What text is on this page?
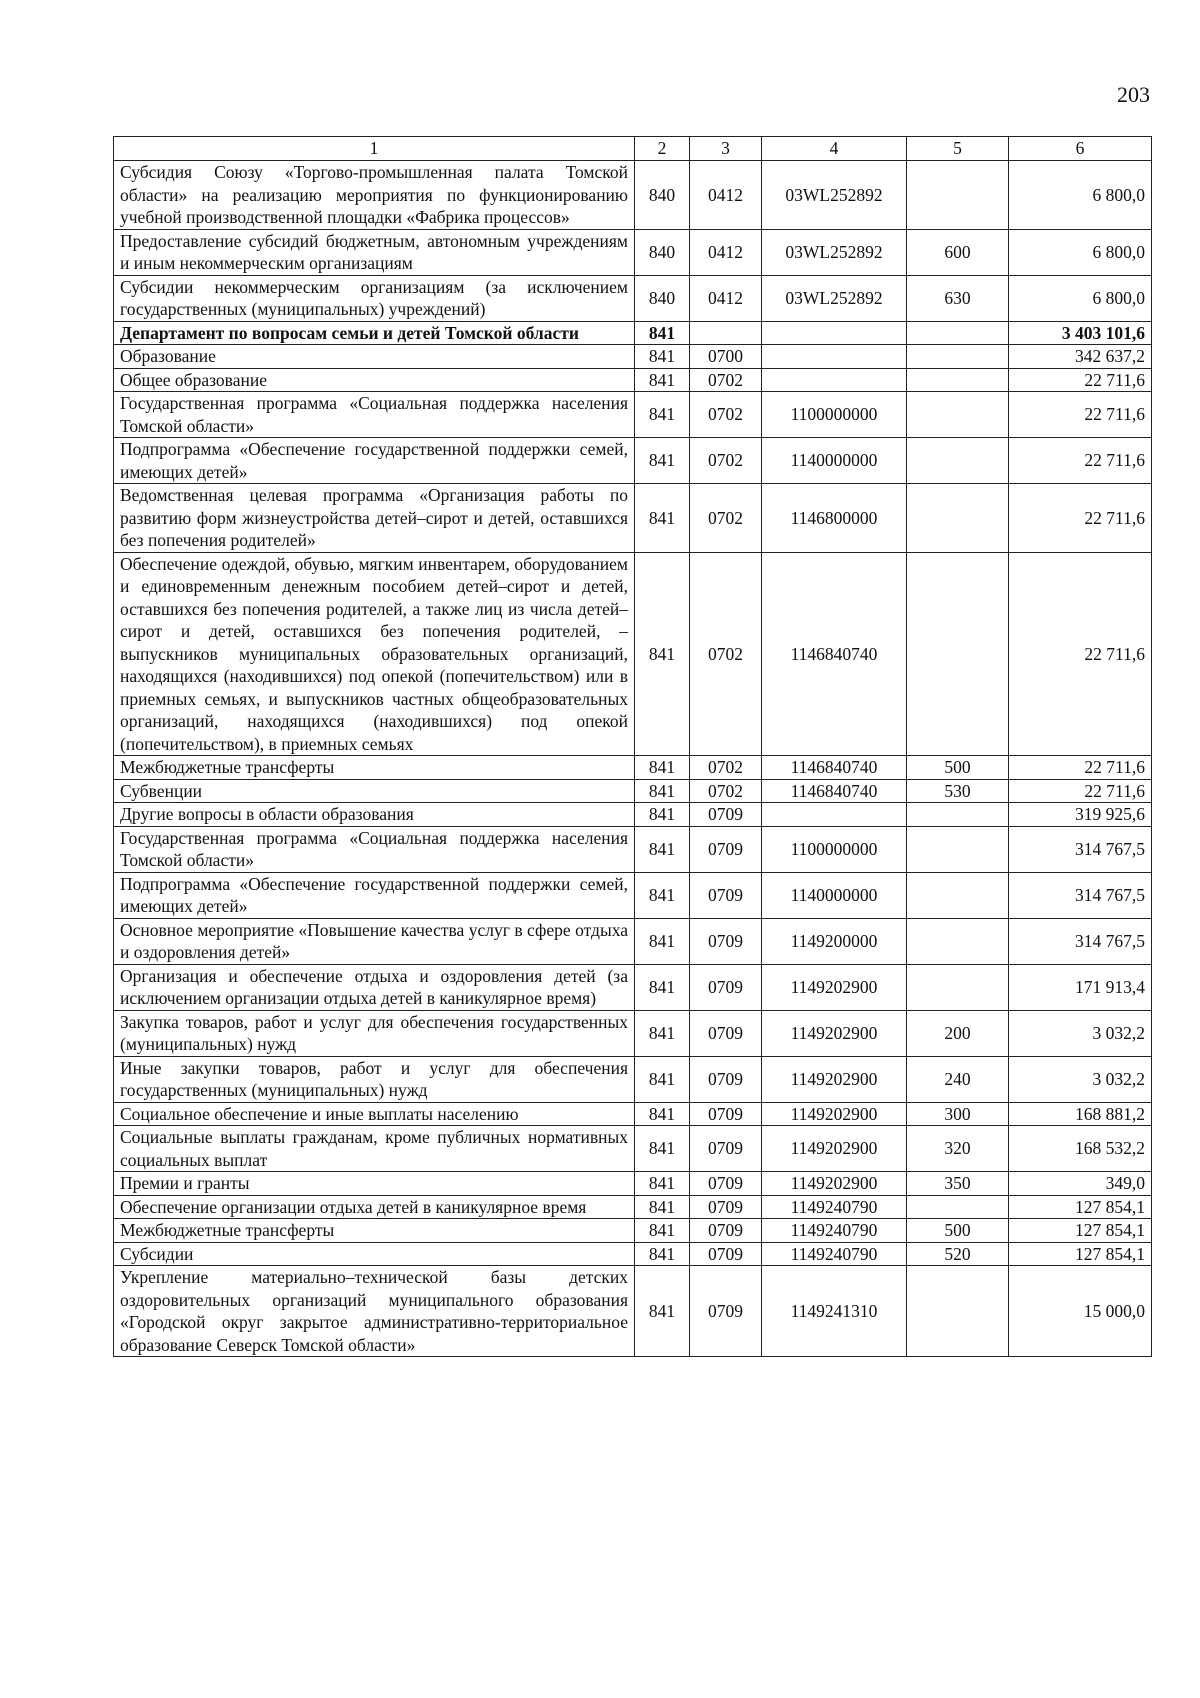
203
1	2	3	4	5	6
Субсидия Союзу «Торгово-промышленная палата Томской области» на реализацию мероприятия по функционированию учебной производственной площадки «Фабрика процессов»	840	0412	03WL252892		6 800,0
Предоставление субсидий бюджетным, автономным учреждениям и иным некоммерческим организациям	840	0412	03WL252892	600	6 800,0
Субсидии некоммерческим организациям (за исключением государственных (муниципальных) учреждений)	840	0412	03WL252892	630	6 800,0
Департамент по вопросам семьи и детей Томской области	841				3 403 101,6
Образование	841	0700			342 637,2
Общее образование	841	0702			22 711,6
Государственная программа «Социальная поддержка населения Томской области»	841	0702	1100000000		22 711,6
Подпрограмма «Обеспечение государственной поддержки семей, имеющих детей»	841	0702	1140000000		22 711,6
Ведомственная целевая программа «Организация работы по развитию форм жизнеустройства детей–сирот и детей, оставшихся без попечения родителей»	841	0702	1146800000		22 711,6
Обеспечение одеждой, обувью, мягким инвентарем, оборудованием и единовременным денежным пособием детей–сирот и детей, оставшихся без попечения родителей, а также лиц из числа детей–сирот и детей, оставшихся без попечения родителей, – выпускников муниципальных образовательных организаций, находящихся (находившихся) под опекой (попечительством) или в приемных семьях, и выпускников частных общеобразовательных организаций, находящихся (находившихся) под опекой (попечительством), в приемных семьях	841	0702	1146840740		22 711,6
Межбюджетные трансферты	841	0702	1146840740	500	22 711,6
Субвенции	841	0702	1146840740	530	22 711,6
Другие вопросы в области образования	841	0709			319 925,6
Государственная программа «Социальная поддержка населения Томской области»	841	0709	1100000000		314 767,5
Подпрограмма «Обеспечение государственной поддержки семей, имеющих детей»	841	0709	1140000000		314 767,5
Основное мероприятие «Повышение качества услуг в сфере отдыха и оздоровления детей»	841	0709	1149200000		314 767,5
Организация и обеспечение отдыха и оздоровления детей (за исключением организации отдыха детей в каникулярное время)	841	0709	1149202900		171 913,4
Закупка товаров, работ и услуг для обеспечения государственных (муниципальных) нужд	841	0709	1149202900	200	3 032,2
Иные закупки товаров, работ и услуг для обеспечения государственных (муниципальных) нужд	841	0709	1149202900	240	3 032,2
Социальное обеспечение и иные выплаты населению	841	0709	1149202900	300	168 881,2
Социальные выплаты гражданам, кроме публичных нормативных социальных выплат	841	0709	1149202900	320	168 532,2
Премии и гранты	841	0709	1149202900	350	349,0
Обеспечение организации отдыха детей в каникулярное время	841	0709	1149240790		127 854,1
Межбюджетные трансферты	841	0709	1149240790	500	127 854,1
Субсидии	841	0709	1149240790	520	127 854,1
Укрепление материально–технической базы детских оздоровительных организаций муниципального образования «Городской округ закрытое административно-территориальное образование Северск Томской области»	841	0709	1149241310		15 000,0
